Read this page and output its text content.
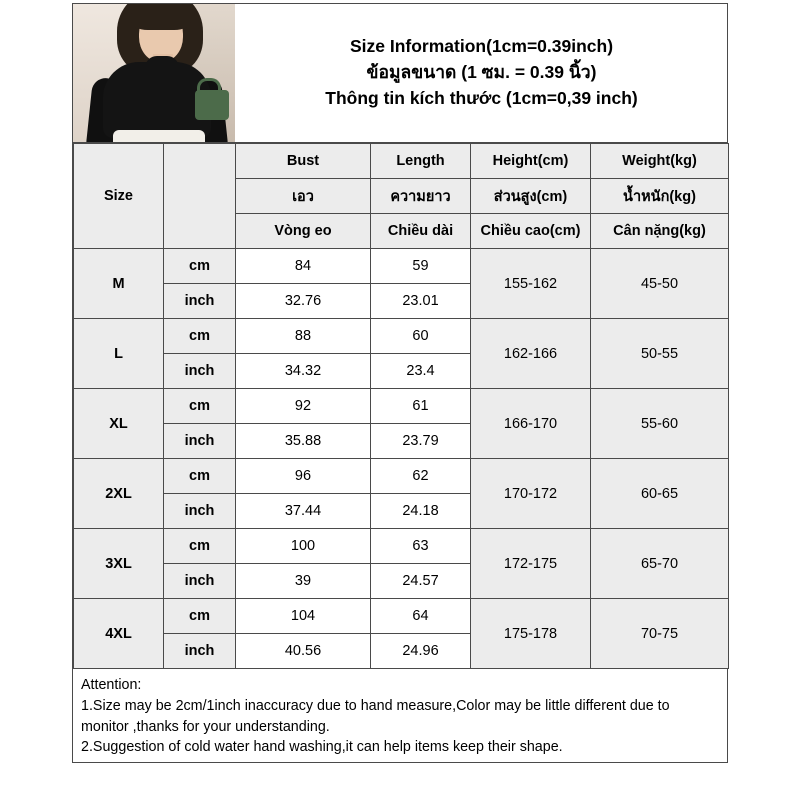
Size Information(1cm=0.39inch)
ข้อมูลขนาด (1 ซม. = 0.39 นิ้ว)
Thông tin kích thước (1cm=0,39 inch)
Size		Bust	Length	Height(cm)	Weight(kg)
		เอว	ความยาว	ส่วนสูง(cm)	น้ำหนัก(kg)
		Vòng eo	Chiều dài	Chiều cao(cm)	Cân nặng(kg)
M	cm	84	59	155-162	45-50
	inch	32.76	23.01		
L	cm	88	60	162-166	50-55
	inch	34.32	23.4		
XL	cm	92	61	166-170	55-60
	inch	35.88	23.79		
2XL	cm	96	62	170-172	60-65
	inch	37.44	24.18		
3XL	cm	100	63	172-175	65-70
	inch	39	24.57		
4XL	cm	104	64	175-178	70-75
	inch	40.56	24.96		
Attention:
1.Size may be 2cm/1inch inaccuracy due to hand measure,Color may be little different due to monitor ,thanks for your understanding.
2.Suggestion of cold water hand washing,it can help items keep their shape.
